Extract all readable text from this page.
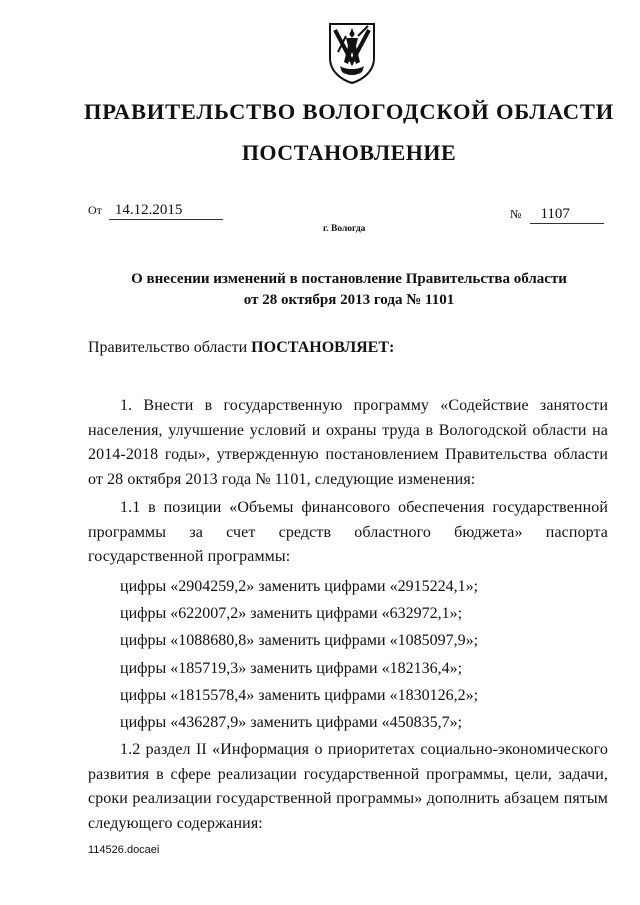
ПРАВИТЕЛЬСТВО ВОЛОГОДСКОЙ ОБЛАСТИ
ПОСТАНОВЛЕНИЕ
От 14.12.2015	№ 1107
г. Вологда
О внесении изменений в постановление Правительства области
от 28 октября 2013 года № 1101
Правительство области ПОСТАНОВЛЯЕТ:

1. Внести в государственную программу «Содействие занятости населения, улучшение условий и охраны труда в Вологодской области на 2014-2018 годы», утвержденную постановлением Правительства области от 28 октября 2013 года № 1101, следующие изменения:

1.1 в позиции «Объемы финансового обеспечения государственной программы за счет средств областного бюджета» паспорта государственной программы:

цифры «2904259,2» заменить цифрами «2915224,1»;
цифры «622007,2» заменить цифрами «632972,1»;
цифры «1088680,8» заменить цифрами «1085097,9»;
цифры «185719,3» заменить цифрами «182136,4»;
цифры «1815578,4» заменить цифрами «1830126,2»;
цифры «436287,9» заменить цифрами «450835,7»;

1.2 раздел II «Информация о приоритетах социально-экономического развития в сфере реализации государственной программы, цели, задачи, сроки реализации государственной программы» дополнить абзацем пятым следующего содержания:

114526.docaei
